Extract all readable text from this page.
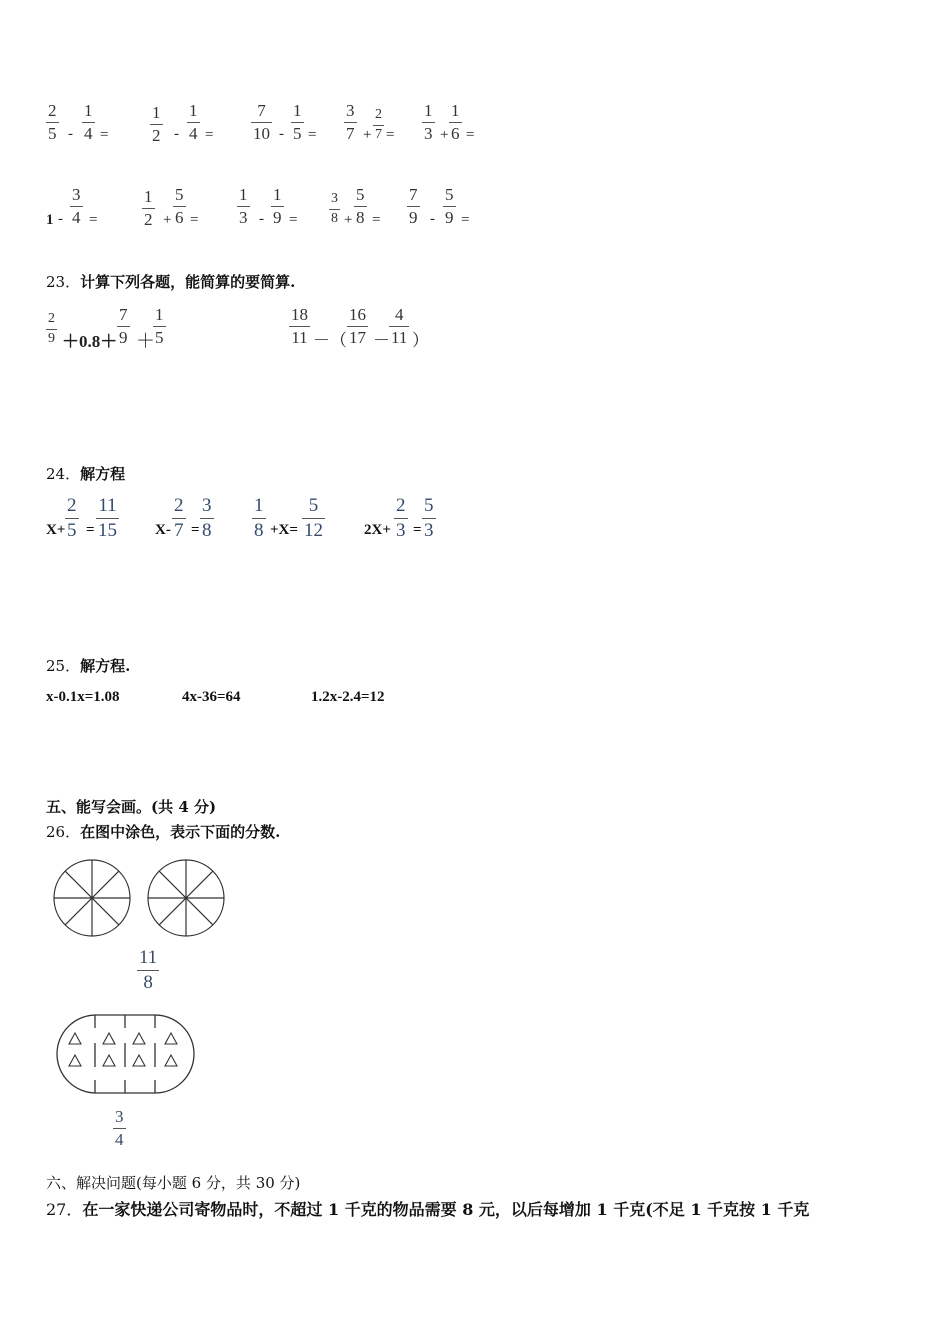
2
5 -
1
4 =
1
2 -
1
4 =
7
10 -
1
5 =
3
7 +
2
7 =
1
3 +
1
6 =
1 -
3
4 =
1
2 +
5
6 =
1
3 -
1
9 =
3
8 +
5
8 =
7
9 -
5
9 =
23．计算下列各题，能简算的要简算.
2
9 ＋0.8＋
7
9 ＋
1
5
18
11 －（
16
17 －
4
11 ）
24．解方程
X+
2
5 =
11
15	X-
2
7 =
3
8
1
8 +X=
5
12	2X+
2
3 =
5
3
25．解方程.
x-0.1x=1.08	4x-36=64	1.2x-2.4=12
五、能写会画。(共 4 分)
26．在图中涂色，表示下面的分数.
11
8
3
4
六、解决问题(每小题 6 分，共 30 分)
27．在一家快递公司寄物品时，不超过 1 千克的物品需要 8 元，以后每增加 1 千克(不足 1 千克按 1 千克
